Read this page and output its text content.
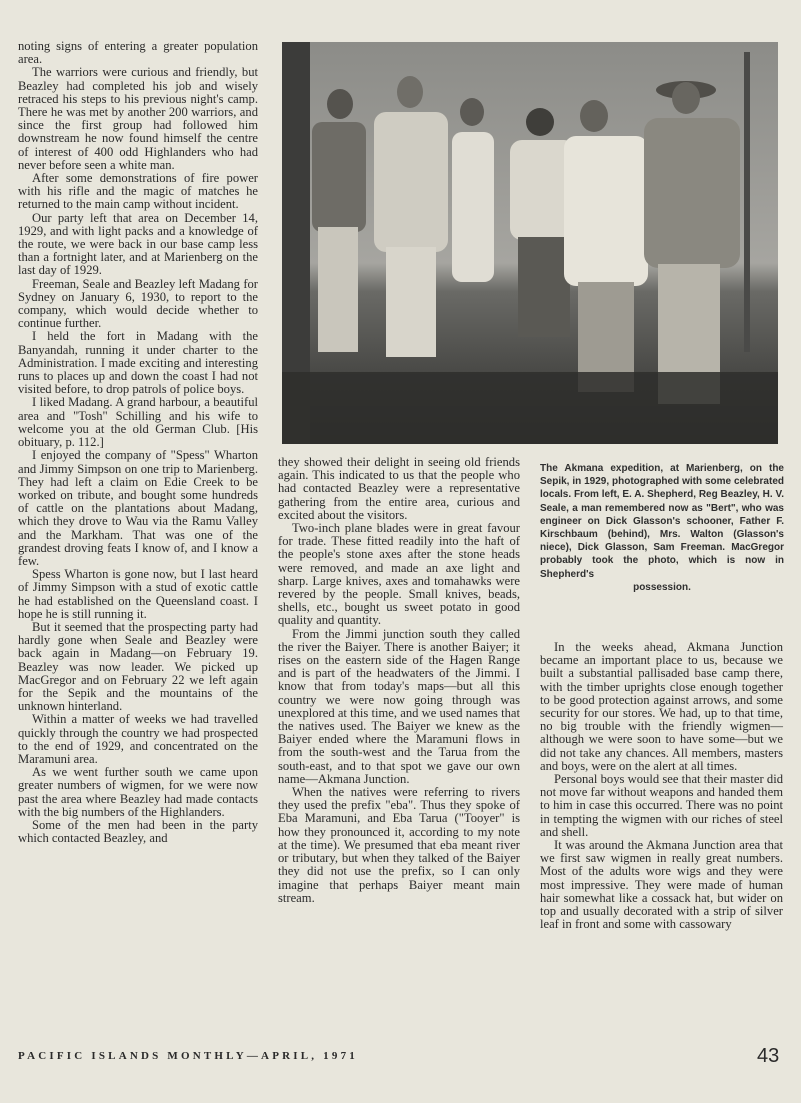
noting signs of entering a greater population area.

The warriors were curious and friendly, but Beazley had completed his job and wisely retraced his steps to his previous night's camp. There he was met by another 200 warriors, and since the first group had followed him downstream he now found himself the centre of interest of 400 odd Highlanders who had never before seen a white man.

After some demonstrations of fire power with his rifle and the magic of matches he returned to the main camp without incident.

Our party left that area on December 14, 1929, and with light packs and a knowledge of the route, we were back in our base camp less than a fortnight later, and at Marienberg on the last day of 1929.

Freeman, Seale and Beazley left Madang for Sydney on January 6, 1930, to report to the company, which would decide whether to continue further.

I held the fort in Madang with the Banyandah, running it under charter to the Administration. I made exciting and interesting runs to places up and down the coast I had not visited before, to drop patrols of police boys.

I liked Madang. A grand harbour, a beautiful area and "Tosh" Schilling and his wife to welcome you at the old German Club. [His obituary, p. 112.]

I enjoyed the company of "Spess" Wharton and Jimmy Simpson on one trip to Marienberg. They had left a claim on Edie Creek to be worked on tribute, and bought some hundreds of cattle on the plantations about Madang, which they drove to Wau via the Ramu Valley and the Markham. That was one of the grandest droving feats I know of, and I know a few.

Spess Wharton is gone now, but I last heard of Jimmy Simpson with a stud of exotic cattle he had established on the Queensland coast. I hope he is still running it.

But it seemed that the prospecting party had hardly gone when Seale and Beazley were back again in Madang—on February 19. Beazley was now leader. We picked up MacGregor and on February 22 we left again for the Sepik and the mountains of the unknown hinterland.

Within a matter of weeks we had travelled quickly through the country we had prospected to the end of 1929, and concentrated on the Maramuni area.

As we went further south we came upon greater numbers of wigmen, for we were now past the area where Beazley had made contacts with the big numbers of the Highlanders.

Some of the men had been in the party which contacted Beazley, and

The Akmana expedition, at Marienberg, on the Sepik, in 1929, photographed with some celebrated locals. From left, E. A. Shepherd, Reg Beazley, H. V. Seale, a man remembered now as "Bert", who was engineer on Dick Glasson's schooner, Father F. Kirschbaum (behind), Mrs. Walton (Glasson's niece), Dick Glasson, Sam Freeman. MacGregor probably took the photo, which is now in Shepherd's
possession.

they showed their delight in seeing old friends again. This indicated to us that the people who had contacted Beazley were a representative gathering from the entire area, curious and excited about the visitors.

Two-inch plane blades were in great favour for trade. These fitted readily into the haft of the people's stone axes after the stone heads were removed, and made an axe light and sharp. Large knives, axes and tomahawks were revered by the people. Small knives, beads, shells, etc., bought us sweet potato in good quality and quantity.

From the Jimmi junction south they called the river the Baiyer. There is another Baiyer; it rises on the eastern side of the Hagen Range and is part of the headwaters of the Jimmi. I know that from today's maps—but all this country we were now going through was unexplored at this time, and we used names that the natives used. The Baiyer we knew as the Baiyer ended where the Maramuni flows in from the south-west and the Tarua from the south-east, and to that spot we gave our own name—Akmana Junction.

When the natives were referring to rivers they used the prefix "eba". Thus they spoke of Eba Maramuni, and Eba Tarua ("Tooyer" is how they pronounced it, according to my note at the time). We presumed that eba meant river or tributary, but when they talked of the Baiyer they did not use the prefix, so I can only imagine that perhaps Baiyer meant main stream.

In the weeks ahead, Akmana Junction became an important place to us, because we built a substantial pallisaded base camp there, with the timber uprights close enough together to be good protection against arrows, and some security for our stores. We had, up to that time, no big trouble with the friendly wigmen—although we were soon to have some—but we did not take any chances. All members, masters and boys, were on the alert at all times.

Personal boys would see that their master did not move far without weapons and handed them to him in case this occurred. There was no point in tempting the wigmen with our riches of steel and shell.

It was around the Akmana Junction area that we first saw wigmen in really great numbers. Most of the adults wore wigs and they were most impressive. They were made of human hair somewhat like a cossack hat, but wider on top and usually decorated with a strip of silver leaf in front and some with cassowary

PACIFIC ISLANDS MONTHLY—APRIL, 1971	43
